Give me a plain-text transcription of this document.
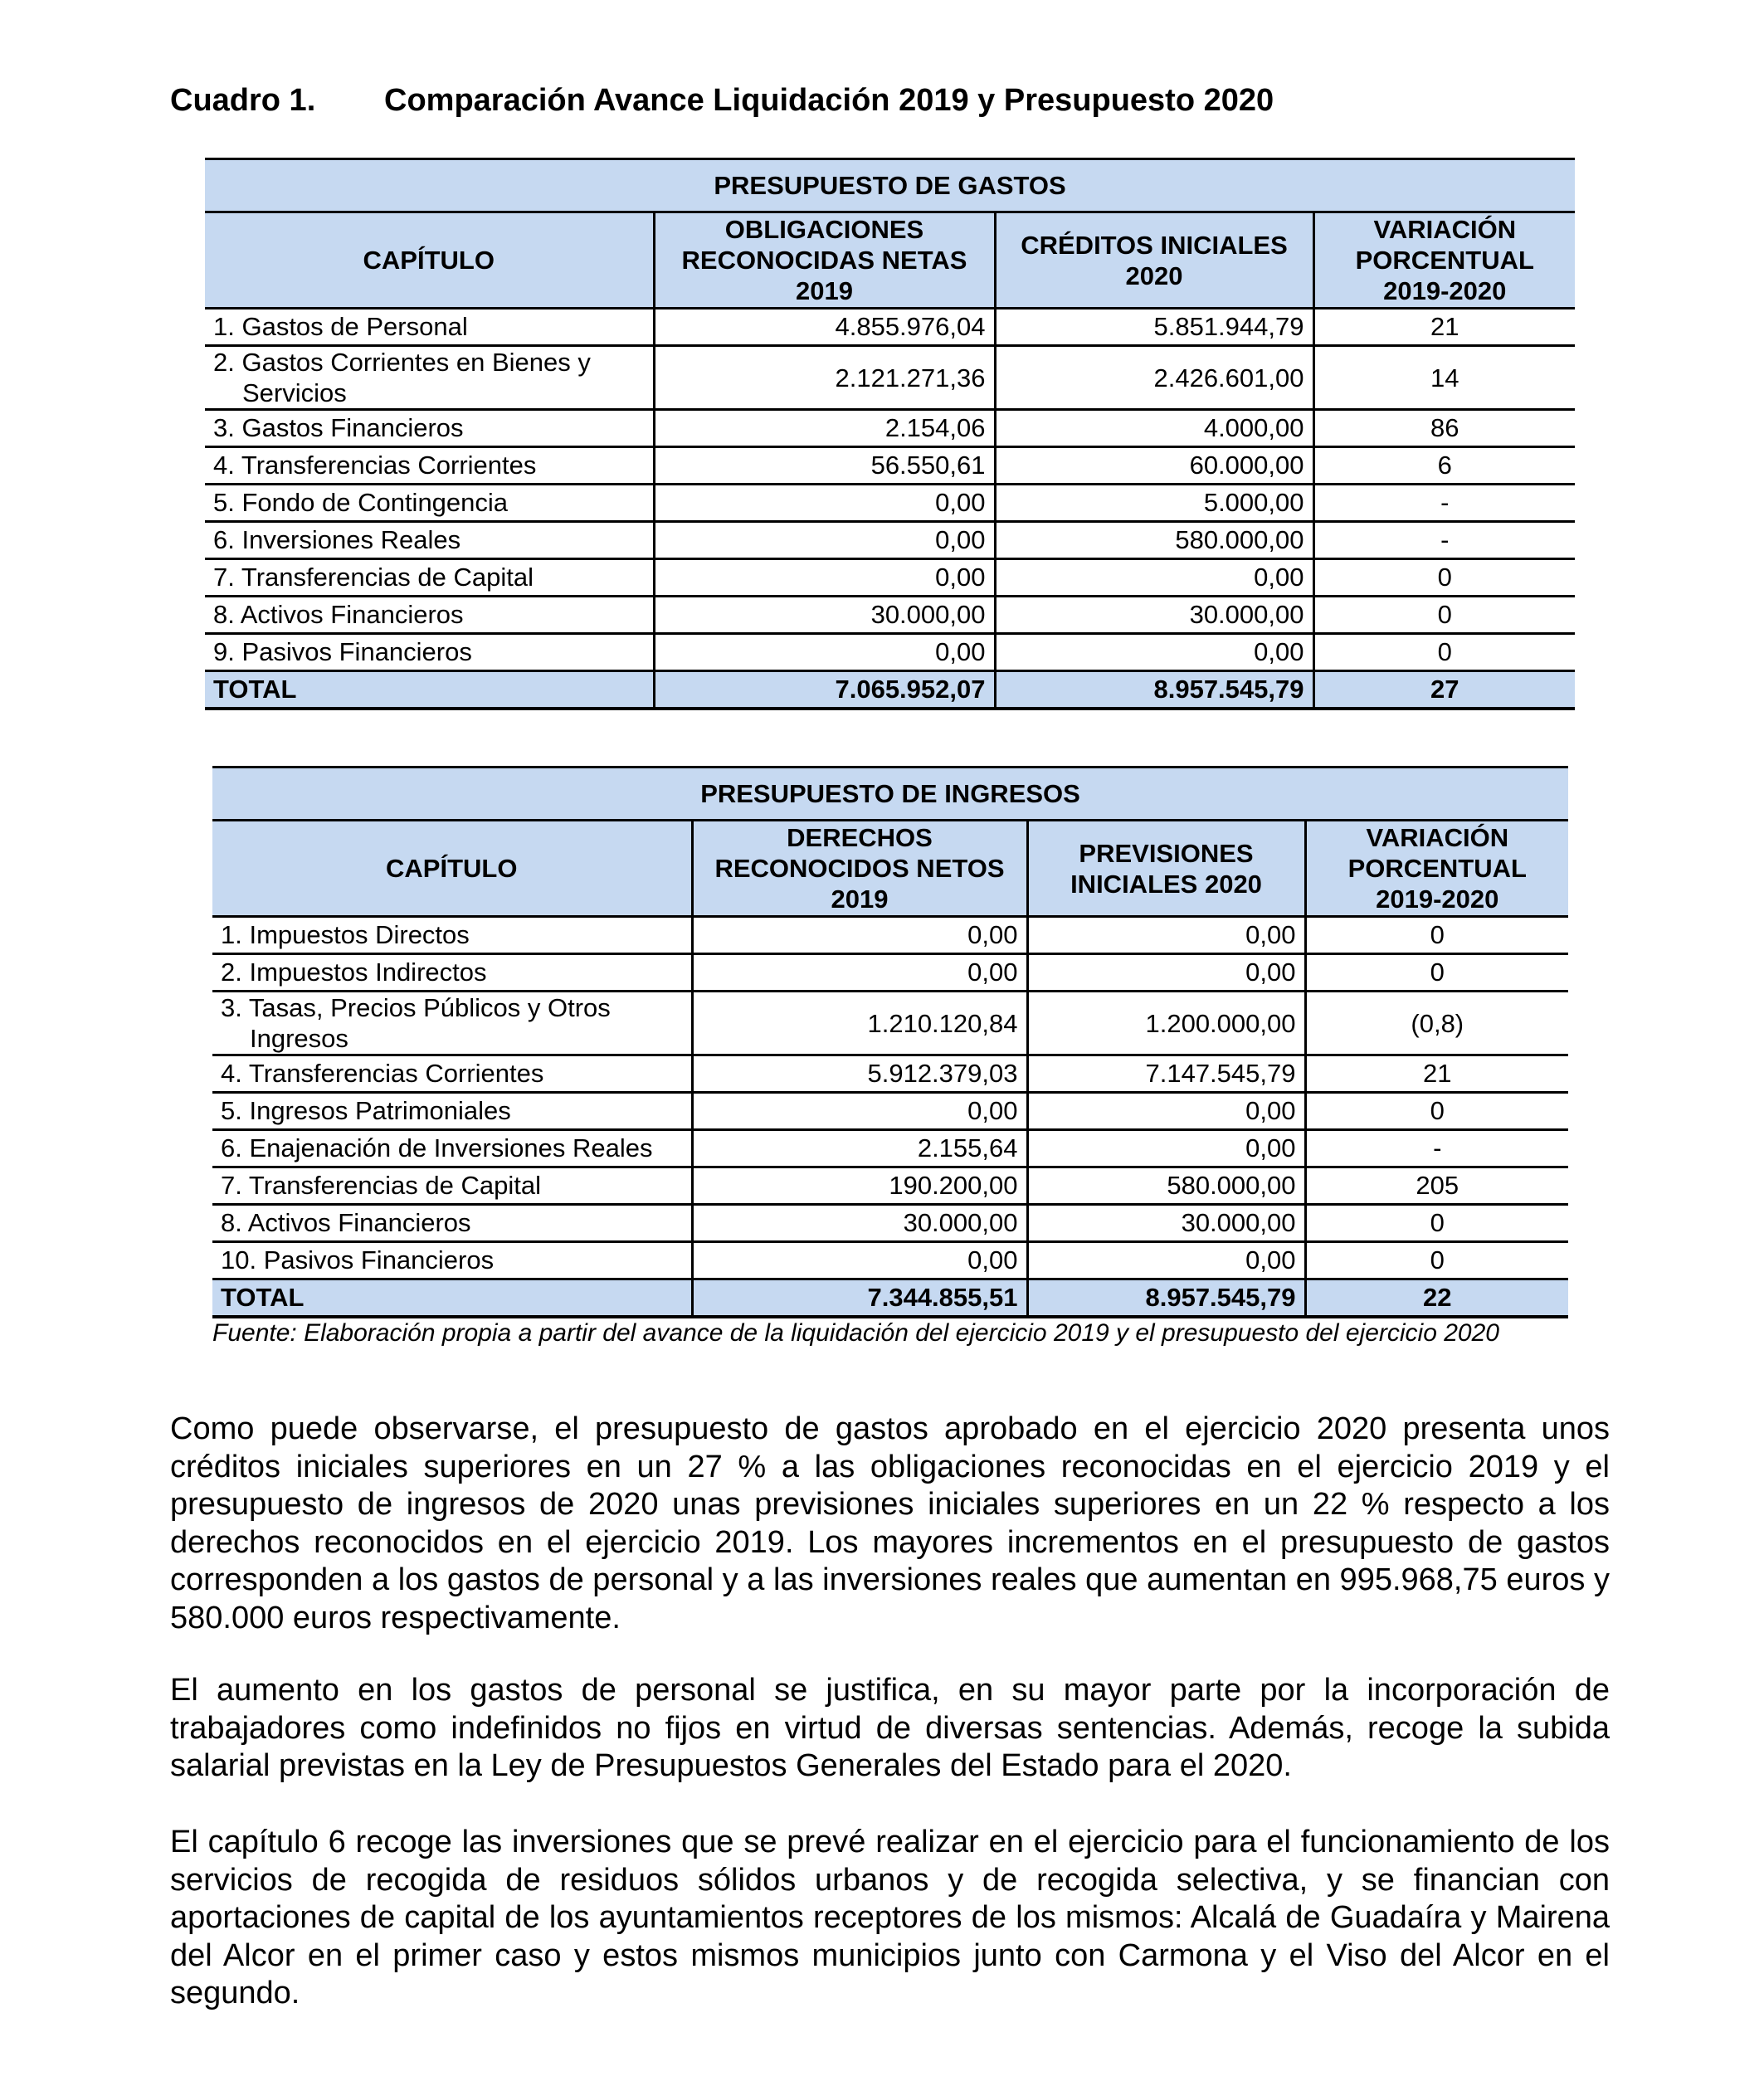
Cuadro 1. Comparación Avance Liquidación 2019 y Presupuesto 2020
PRESUPUESTO DE GASTOS			
CAPÍTULO	OBLIGACIONES RECONOCIDAS NETAS 2019	CRÉDITOS INICIALES 2020	VARIACIÓN PORCENTUAL 2019-2020
1. Gastos de Personal	4.855.976,04	5.851.944,79	21
2. Gastos Corrientes en Bienes y
Servicios	2.121.271,36	2.426.601,00	14
3. Gastos Financieros	2.154,06	4.000,00	86
4. Transferencias Corrientes	56.550,61	60.000,00	6
5. Fondo de Contingencia	0,00	5.000,00	-
6. Inversiones Reales	0,00	580.000,00	-
7. Transferencias de Capital	0,00	0,00	0
8. Activos Financieros	30.000,00	30.000,00	0
9. Pasivos Financieros	0,00	0,00	0
TOTAL	7.065.952,07	8.957.545,79	27
PRESUPUESTO DE INGRESOS			
CAPÍTULO	DERECHOS RECONOCIDOS NETOS 2019	PREVISIONES INICIALES 2020	VARIACIÓN PORCENTUAL 2019-2020
1. Impuestos Directos	0,00	0,00	0
2. Impuestos Indirectos	0,00	0,00	0
3. Tasas, Precios Públicos y Otros
Ingresos	1.210.120,84	1.200.000,00	(0,8)
4. Transferencias Corrientes	5.912.379,03	7.147.545,79	21
5. Ingresos Patrimoniales	0,00	0,00	0
6. Enajenación de Inversiones Reales	2.155,64	0,00	-
7. Transferencias de Capital	190.200,00	580.000,00	205
8. Activos Financieros	30.000,00	30.000,00	0
10. Pasivos Financieros	0,00	0,00	0
TOTAL	7.344.855,51	8.957.545,79	22
Fuente: Elaboración propia a partir del avance de la liquidación del ejercicio 2019 y el presupuesto del ejercicio 2020

Como puede observarse, el presupuesto de gastos aprobado en el ejercicio 2020 presenta unos créditos iniciales superiores en un 27 % a las obligaciones reconocidas en el ejercicio 2019 y el presupuesto de ingresos de 2020 unas previsiones iniciales superiores en un 22 % respecto a los derechos reconocidos en el ejercicio 2019. Los mayores incrementos en el presupuesto de gastos corresponden a los gastos de personal y a las inversiones reales que aumentan en 995.968,75 euros y 580.000 euros respectivamente.

El aumento en los gastos de personal se justifica, en su mayor parte por la incorporación de trabajadores como indefinidos no fijos en virtud de diversas sentencias. Además, recoge la subida salarial previstas en la Ley de Presupuestos Generales del Estado para el 2020.

El capítulo 6 recoge las inversiones que se prevé realizar en el ejercicio para el funcionamiento de los servicios de recogida de residuos sólidos urbanos y de recogida selectiva, y se financian con aportaciones de capital de los ayuntamientos receptores de los mismos: Alcalá de Guadaíra y Mairena del Alcor en el primer caso y estos mismos municipios junto con Carmona y el Viso del Alcor en el segundo.
